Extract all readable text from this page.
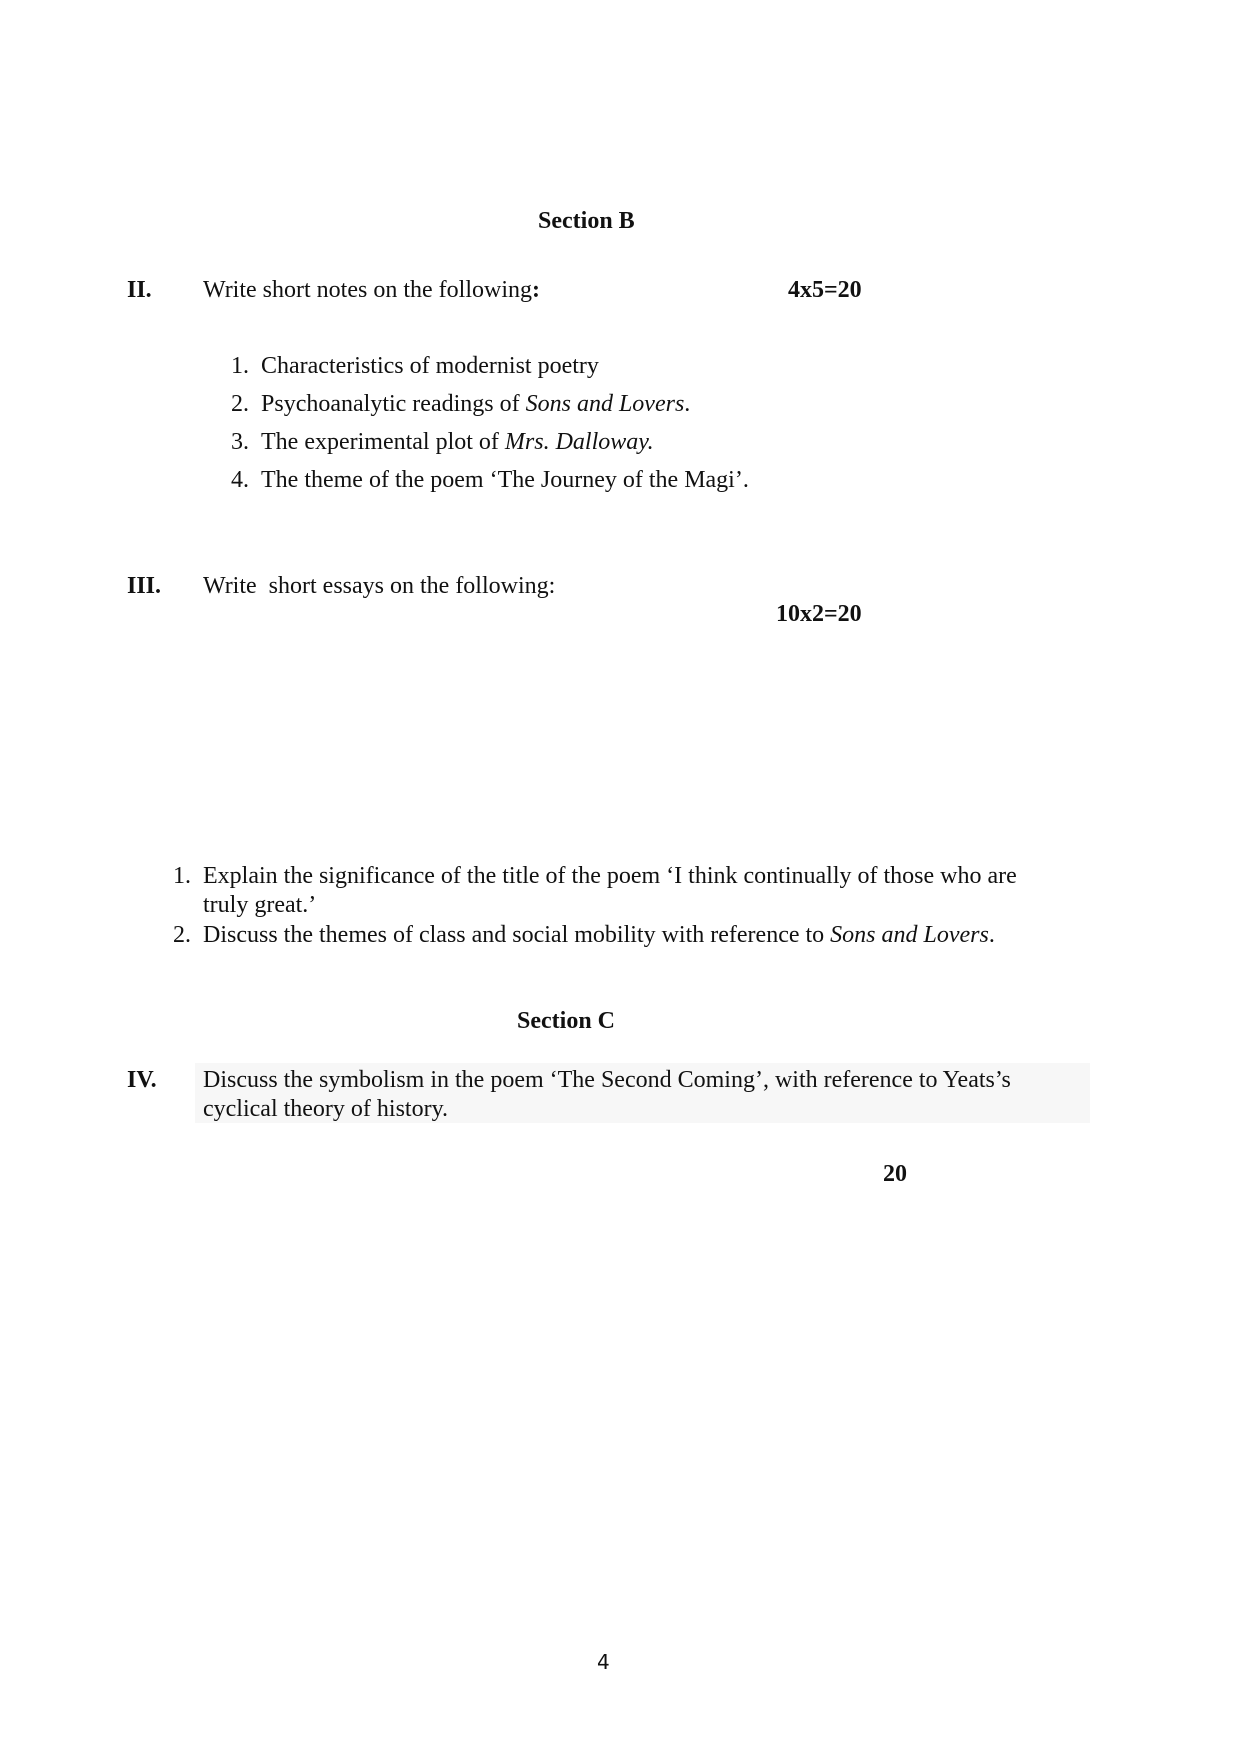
Section B
II. Write short notes on the following:	4x5=20
1. Characteristics of modernist poetry
2. Psychoanalytic readings of Sons and Lovers.
3. The experimental plot of Mrs. Dalloway.
4. The theme of the poem ‘The Journey of the Magi’.
III. Write  short essays on the following:
10x2=20
1. Explain the significance of the title of the poem ‘I think continually of those who are
truly great.’
2. Discuss the themes of class and social mobility with reference to Sons and Lovers.
Section C
IV. Discuss the symbolism in the poem ‘The Second Coming’, with reference to Yeats’s
cyclical theory of history.
20
4
